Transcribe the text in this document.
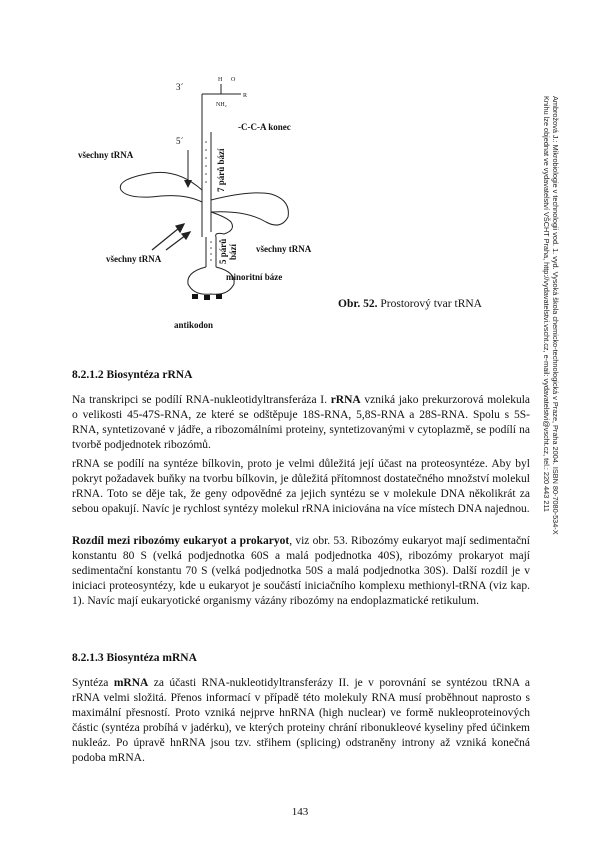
3´
5´
H O
R
NH₂
-C-C-A konec
všechny tRNA
všechny tRNA
všechny tRNA
antikodon
minoritní báze
7 párů bází
5 párů bází
Obr. 52. Prostorový tvar tRNA	Ambrožová J.: Mikrobiologie v technologii vod. 1. vyd. Vysoká škola chemicko-technologická v Praze, Praha 2004. ISBN 80-7080-534-X
Knihu lze objednat ve vydavatelství VŠCHT Praha, http://vydavatelstvi.vscht.cz, e-mail: vydavatelstvi@vscht.cz, tel.: 220 443 211
8.2.1.2 Biosyntéza rRNA

Na transkripci se podílí RNA-nukleotidyltransferáza I. rRNA vzniká jako prekurzorová molekula o velikosti 45-47S-RNA, ze které se odštěpuje 18S-RNA, 5,8S-RNA a 28S-RNA. Spolu s 5S-RNA, syntetizované v jádře, a ribozomálními proteiny, syntetizovanými v cytoplazmě, se podílí na tvorbě podjednotek ribozómů.

rRNA se podílí na syntéze bílkovin, proto je velmi důležitá její účast na proteosyntéze. Aby byl pokryt požadavek buňky na tvorbu bílkovin, je důležitá přítomnost dostatečného množství molekul rRNA. Toto se děje tak, že geny odpovědné za jejich syntézu se v molekule DNA několikrát za sebou opakují. Navíc je rychlost syntézy molekul rRNA iniciována na více místech DNA najednou.

Rozdíl mezi ribozómy eukaryot a prokaryot, viz obr. 53. Ribozómy eukaryot mají sedimentační konstantu 80 S (velká podjednotka 60S a malá podjednotka 40S), ribozómy prokaryot mají sedimentační konstantu 70 S (velká podjednotka 50S a malá podjednotka 30S). Další rozdíl je v iniciaci proteosyntézy, kde u eukaryot je součástí iniciačního komplexu methionyl-tRNA (viz kap. 1). Navíc mají eukaryotické organismy vázány ribozómy na endoplazmatické retikulum.

8.2.1.3 Biosyntéza mRNA

Syntéza mRNA za účasti RNA-nukleotidyltransferázy II. je v porovnání se syntézou tRNA a rRNA velmi složitá. Přenos informací v případě této molekuly RNA musí proběhnout naprosto s maximální přesností. Proto vzniká nejprve hnRNA (high nuclear) ve formě nukleoproteinových částic (syntéza probíhá v jadérku), ve kterých proteiny chrání ribonukleové kyseliny před účinkem nukleáz. Po úpravě hnRNA jsou tzv. střihem (splicing) odstraněny introny až vzniká konečná podoba mRNA.

143
